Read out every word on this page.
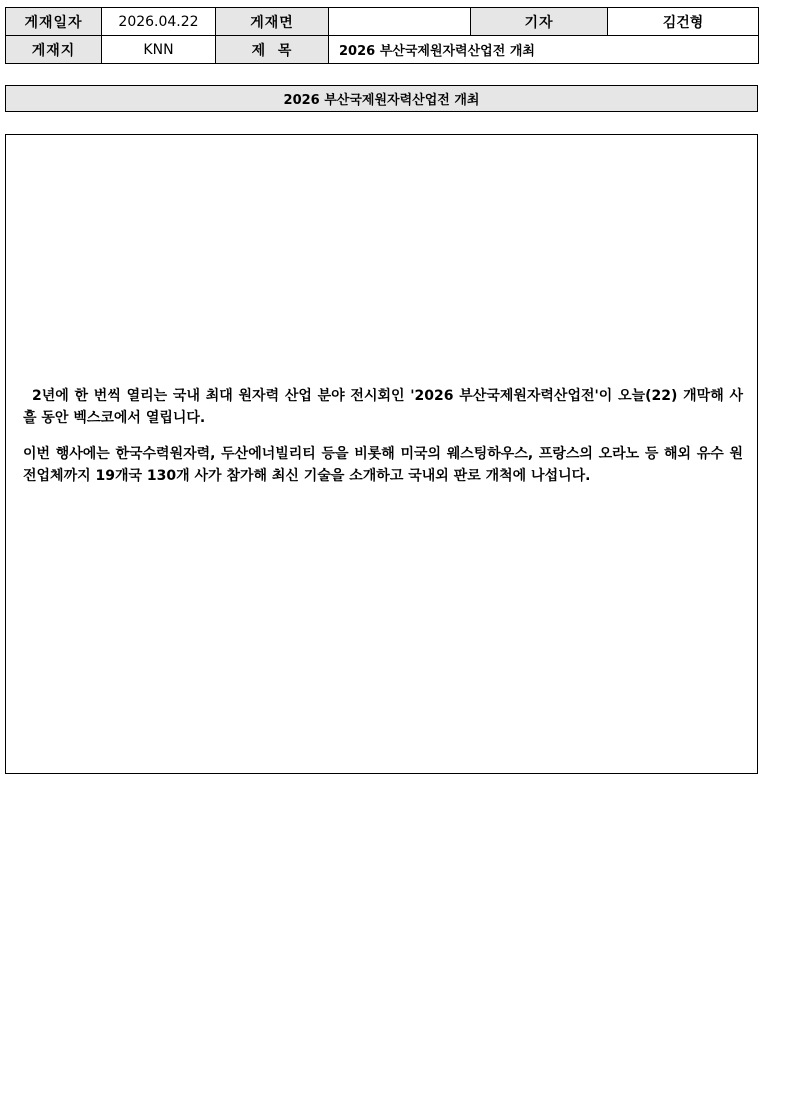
게재일자	2026.04.22	게재면		기자	김건형
게재지	KNN	제  목	2026 부산국제원자력산업전 개최		
2026 부산국제원자력산업전 개최

2년에 한 번씩 열리는 국내 최대 원자력 산업 분야 전시회인 '2026 부산국제원자력산업전'이 오늘(22) 개막해 사흘 동안 벡스코에서 열립니다.

이번 행사에는 한국수력원자력, 두산에너빌리티 등을 비롯해 미국의 웨스팅하우스, 프랑스의 오라노 등 해외 유수 원전업체까지 19개국 130개 사가 참가해 최신 기술을 소개하고 국내외 판로 개척에 나섭니다.
